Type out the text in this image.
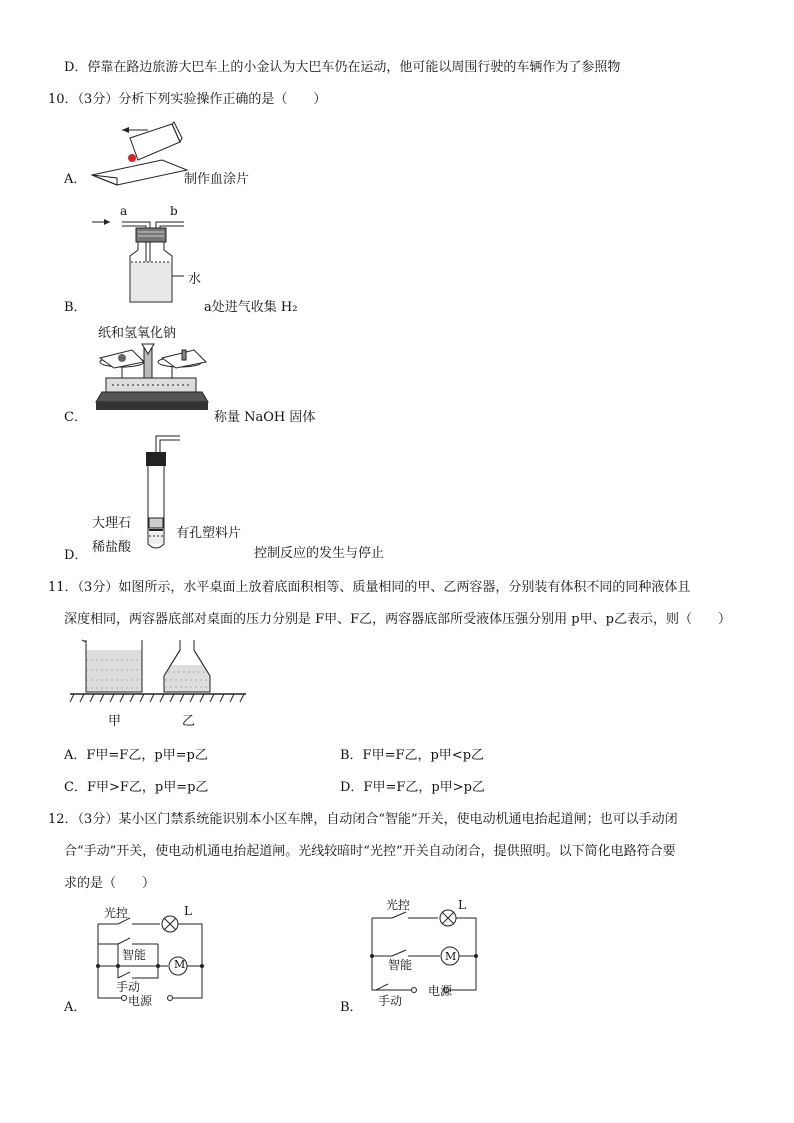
D．停靠在路边旅游大巴车上的小金认为大巴车仍在运动，他可能以周围行驶的车辆作为了参照物
10．（3分）分析下列实验操作正确的是（　　）
A．	制作血涂片
a	b
水
B．	a处进气收集 H₂
纸和氢氧化钠
C．	称量 NaOH 固体
大理石
有孔塑料片
稀盐酸
D．	控制反应的发生与停止
11．（3分）如图所示，水平桌面上放着底面积相等、质量相同的甲、乙两容器，分别装有体积不同的同种液体且
深度相同，两容器底部对桌面的压力分别是 F甲、F乙，两容器底部所受液体压强分别用 p甲、p乙表示，则（　　）
甲	乙
A．F甲=F乙，p甲=p乙	B．F甲=F乙，p甲<p乙
C．F甲>F乙，p甲=p乙	D．F甲=F乙，p甲>p乙
12．（3分）某小区门禁系统能识别本小区车牌，自动闭合“智能”开关，使电动机通电抬起道闸；也可以手动闭
合“手动”开关，使电动机通电抬起道闸。光线较暗时“光控”开关自动闭合，提供照明。以下简化电路符合要
求的是（　　）
光控	L
智能
M
手动
电源
A．
光控	L
智能
M
手动
电源
B．
